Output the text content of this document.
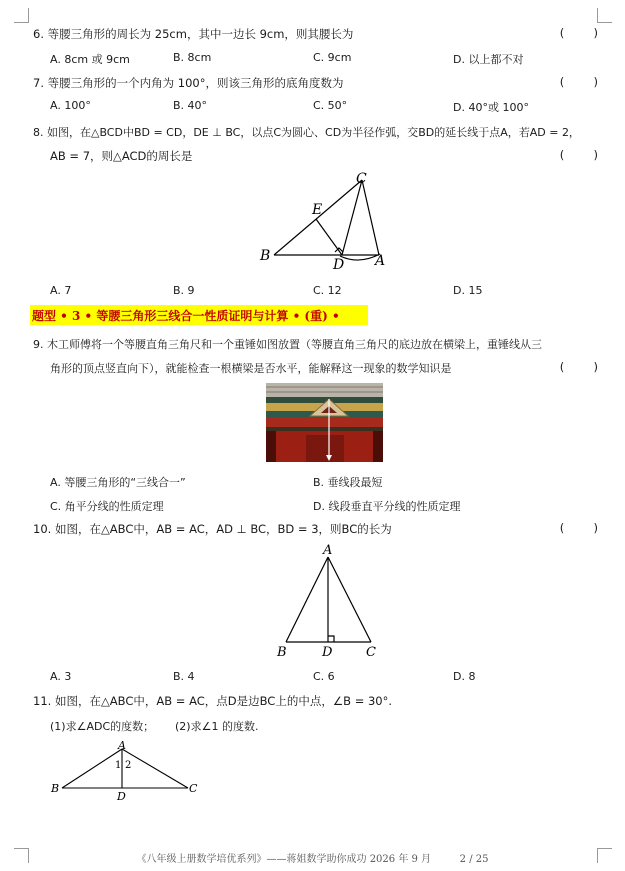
6. 等腰三角形的周长为 25cm，其中一边长 9cm，则其腰长为	(        )
A. 8cm 或 9cm	B. 8cm	C. 9cm	D. 以上都不对
7. 等腰三角形的一个内角为 100°，则该三角形的底角度数为	(        )
A. 100°	B. 40°	C. 50°	D. 40°或 100°
8. 如图，在△BCD中BD = CD，DE ⊥ BC，以点C为圆心、CD为半径作弧，交BD的延长线于点A，若AD = 2，
AB = 7，则△ACD的周长是	(        )
C
E
B
D A
A. 7	B. 9	C. 12	D. 15
题型 • 3 • 等腰三角形三线合一性质证明与计算 • (重) •
9. 木工师傅将一个等腰直角三角尺和一个重锤如图放置（等腰直角三角尺的底边放在横梁上，重锤线从三
角形的顶点竖直向下），就能检查一根横梁是否水平，能解释这一现象的数学知识是	(        )
A. 等腰三角形的“三线合一”	B. 垂线段最短
C. 角平分线的性质定理	D. 线段垂直平分线的性质定理
10. 如图，在△ABC中，AB = AC，AD ⊥ BC，BD = 3，则BC的长为	(        )
A
B	D	C
A. 3	B. 4	C. 6	D. 8
11. 如图，在△ABC中，AB = AC，点D是边BC上的中点，∠B = 30°.
(1)求∠ADC的度数； (2)求∠1 的度数.
A
1 2
B
D
C
《八年级上册数学培优系列》——蒋姐数学助你成功 2026 年 9 月         2 / 25
